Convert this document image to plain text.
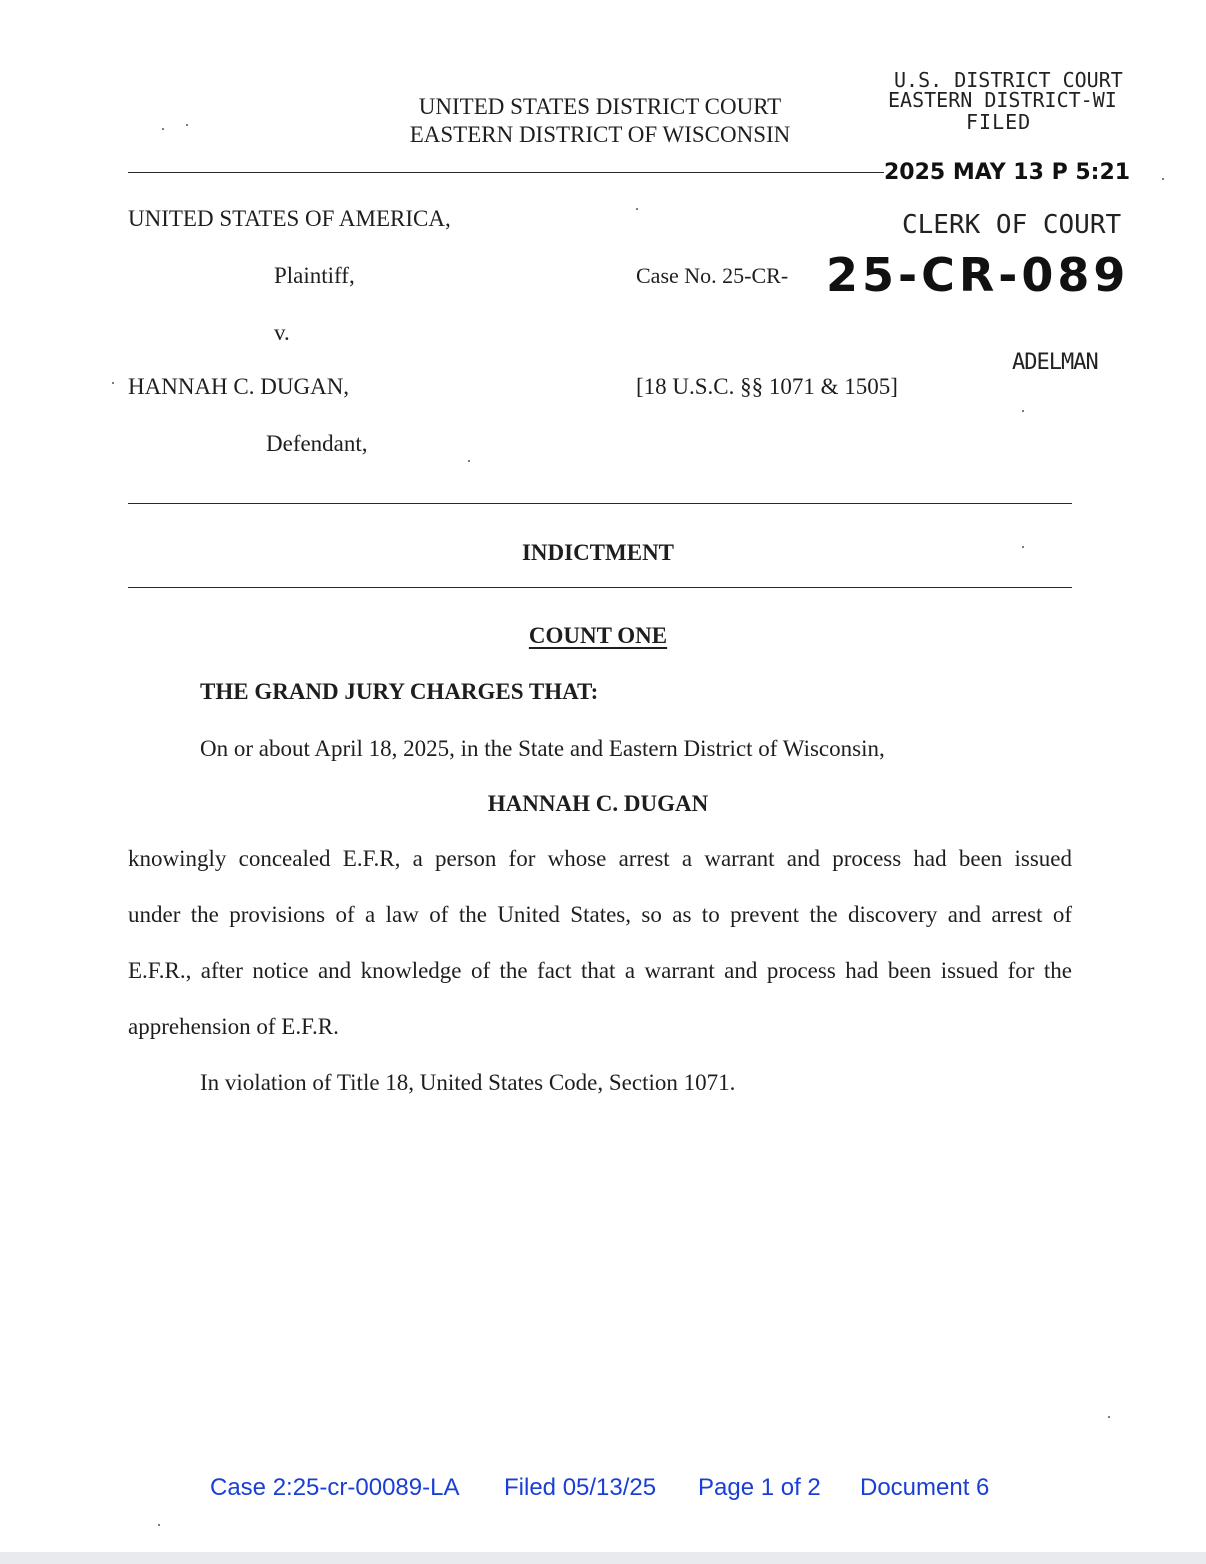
UNITED STATES DISTRICT COURT
EASTERN DISTRICT OF WISCONSIN
U.S. DISTRICT COURT
EASTERN DISTRICT-WI
FILED
2025 MAY 13 P 5:21
CLERK OF COURT
25-CR-089
ADELMAN
UNITED STATES OF AMERICA,
Plaintiff,
v.
HANNAH C. DUGAN,
Defendant,
Case No. 25-CR-
[18 U.S.C. §§ 1071 & 1505]
INDICTMENT
COUNT ONE
THE GRAND JURY CHARGES THAT:
On or about April 18, 2025, in the State and Eastern District of Wisconsin,
HANNAH C. DUGAN
knowingly concealed E.F.R, a person for whose arrest a warrant and process had been issued
under the provisions of a law of the United States, so as to prevent the discovery and arrest of
E.F.R., after notice and knowledge of the fact that a warrant and process had been issued for the
apprehension of E.F.R.
In violation of Title 18, United States Code, Section 1071.
Case 2:25-cr-00089-LA Filed 05/13/25 Page 1 of 2 Document 6
